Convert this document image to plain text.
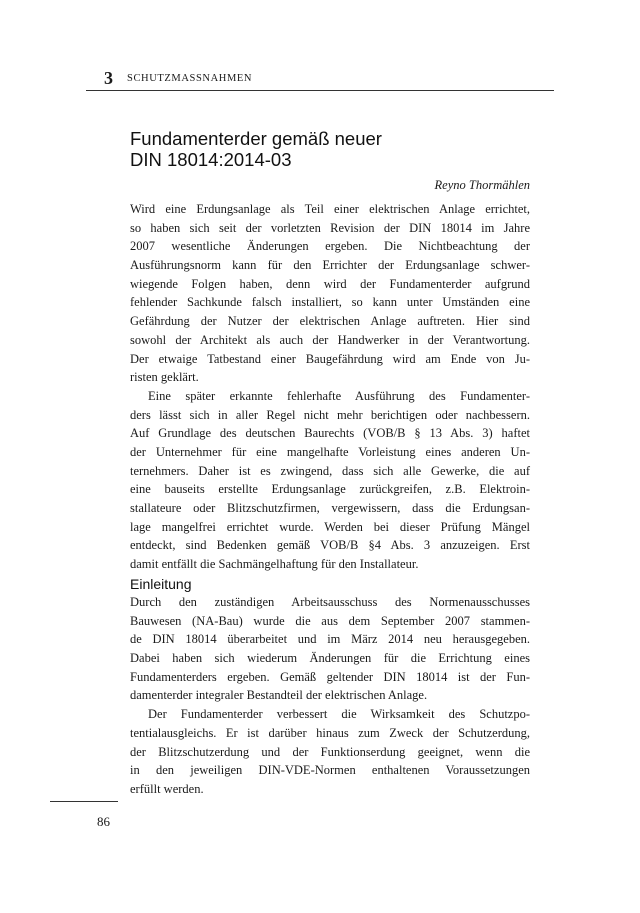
3 SCHUTZMASSNAHMEN
Fundamenterder gemäß neuer
DIN 18014:2014-03
Reyno Thormählen
Wird eine Erdungsanlage als Teil einer elektrischen Anlage errichtet,
so haben sich seit der vorletzten Revision der DIN 18014 im Jahre
2007 wesentliche Änderungen ergeben. Die Nichtbeachtung der
Ausführungsnorm kann für den Errichter der Erdungsanlage schwer-
wiegende Folgen haben, denn wird der Fundamenterder aufgrund
fehlender Sachkunde falsch installiert, so kann unter Umständen eine
Gefährdung der Nutzer der elektrischen Anlage auftreten. Hier sind
sowohl der Architekt als auch der Handwerker in der Verantwortung.
Der etwaige Tatbestand einer Baugefährdung wird am Ende von Ju-
risten geklärt.
Eine später erkannte fehlerhafte Ausführung des Fundamenter-
ders lässt sich in aller Regel nicht mehr berichtigen oder nachbessern.
Auf Grundlage des deutschen Baurechts (VOB/B § 13 Abs. 3) haftet
der Unternehmer für eine mangelhafte Vorleistung eines anderen Un-
ternehmers. Daher ist es zwingend, dass sich alle Gewerke, die auf
eine bauseits erstellte Erdungsanlage zurückgreifen, z.B. Elektroin-
stallateure oder Blitzschutzfirmen, vergewissern, dass die Erdungsan-
lage mangelfrei errichtet wurde. Werden bei dieser Prüfung Mängel
entdeckt, sind Bedenken gemäß VOB/B §4 Abs. 3 anzuzeigen. Erst
damit entfällt die Sachmängelhaftung für den Installateur.
Einleitung
Durch den zuständigen Arbeitsausschuss des Normenausschusses
Bauwesen (NA-Bau) wurde die aus dem September 2007 stammen-
de DIN 18014 überarbeitet und im März 2014 neu herausgegeben.
Dabei haben sich wiederum Änderungen für die Errichtung eines
Fundamenterders ergeben. Gemäß geltender DIN 18014 ist der Fun-
damenterder integraler Bestandteil der elektrischen Anlage.
Der Fundamenterder verbessert die Wirksamkeit des Schutzpo-
tentialausgleichs. Er ist darüber hinaus zum Zweck der Schutzerdung,
der Blitzschutzerdung und der Funktionserdung geeignet, wenn die
in den jeweiligen DIN-VDE-Normen enthaltenen Voraussetzungen
erfüllt werden.
86
